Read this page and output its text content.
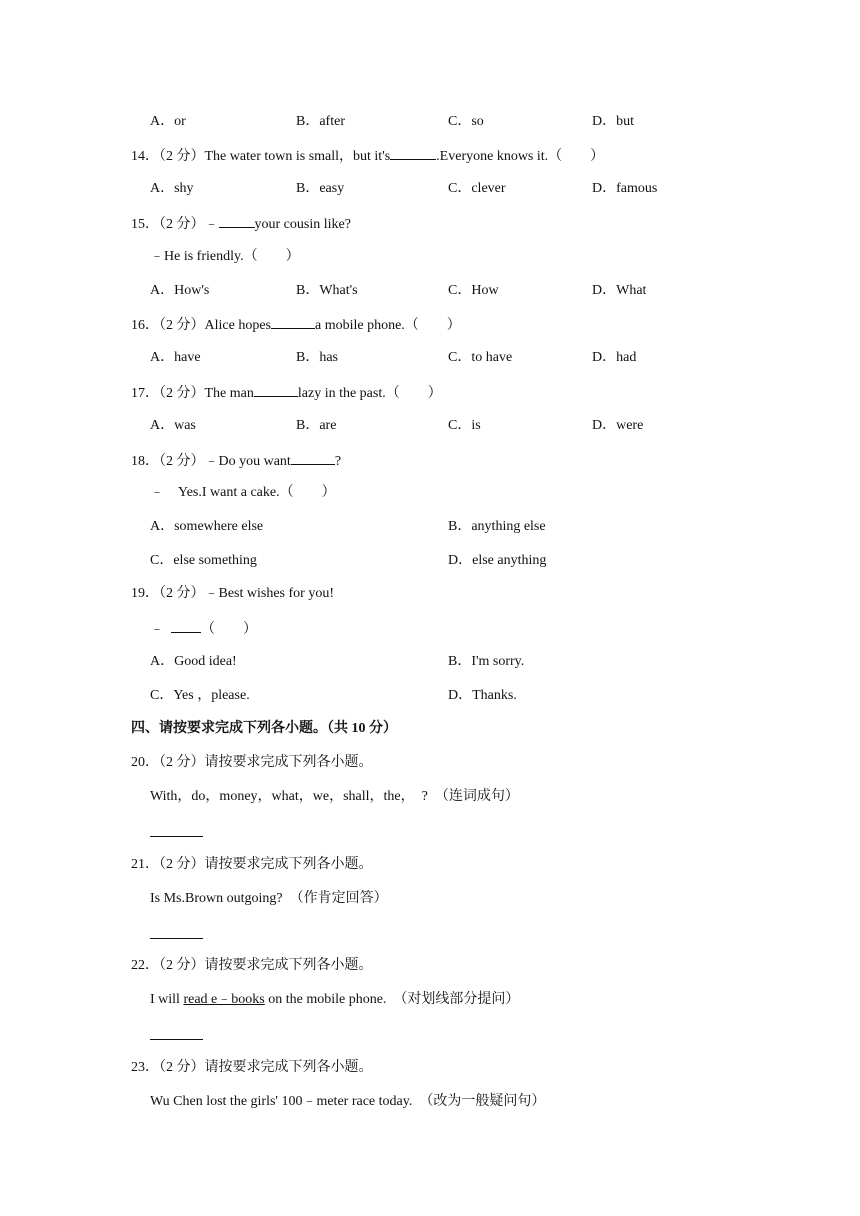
A．or	B．after	C．so	D．but
14．（2 分）The water town is small，but it's	.Everyone knows it.（　　）
A．shy	B．easy	C．clever	D．famous
15．（2 分）﹣	your cousin like?
﹣He is friendly.（　　）
A．How's	B．What's	C．How	D．What
16．（2 分）Alice hopes	a mobile phone.（　　）
A．have	B．has	C．to have	D．had
17．（2 分）The man	lazy in the past.（　　）
A．was	B．are	C．is	D．were
18．（2 分）﹣Do you want	?
﹣　Yes.I want a cake.（　　）
A．somewhere else	B．anything else
C．else something	D．else anything
19．（2 分）﹣Best wishes for you!
﹣	（　　）
A．Good idea!	B．I'm sorry.
C．Yes ，please.	D．Thanks.
四、请按要求完成下列各小题。（共 10 分）
20．（2 分）请按要求完成下列各小题。
With，do，money，what，we，shall，the，　?　（连词成句）
21．（2 分）请按要求完成下列各小题。
Is Ms.Brown outgoing?　（作肯定回答）
22．（2 分）请按要求完成下列各小题。
I will read e﹣books on the mobile phone.　（对划线部分提问）
23．（2 分）请按要求完成下列各小题。
Wu Chen lost the girls' 100﹣meter race today.　（改为一般疑问句）
